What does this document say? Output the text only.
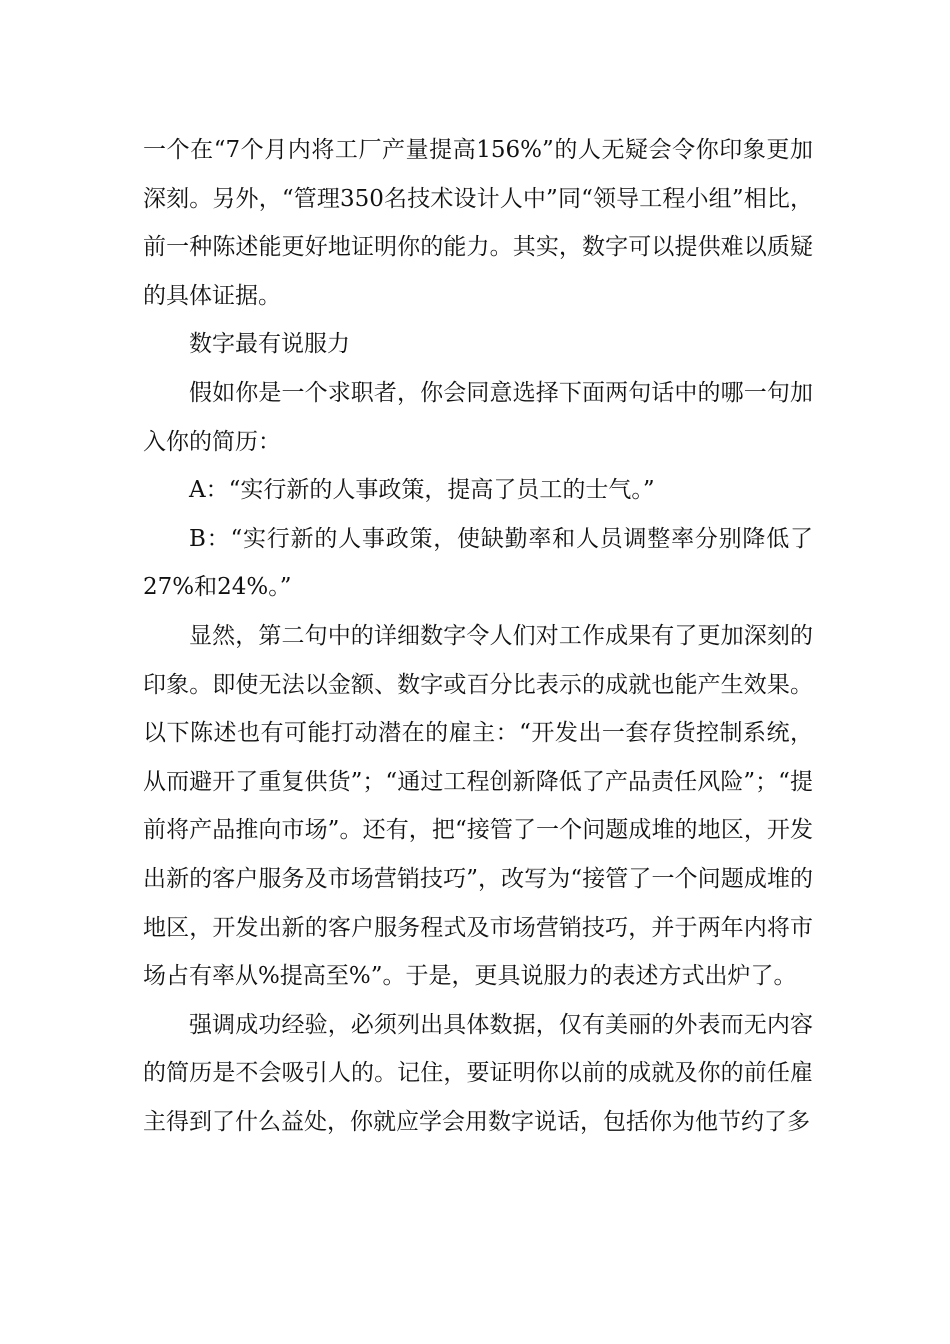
一个在“7个月内将工厂产量提高156%”的人无疑会令你印象更加深刻。另外，“管理350名技术设计人中”同“领导工程小组”相比，前一种陈述能更好地证明你的能力。其实，数字可以提供难以质疑的具体证据。

数字最有说服力

假如你是一个求职者，你会同意选择下面两句话中的哪一句加入你的简历：

A：“实行新的人事政策，提高了员工的士气。”

B：“实行新的人事政策，使缺勤率和人员调整率分别降低了27%和24%。”

显然，第二句中的详细数字令人们对工作成果有了更加深刻的印象。即使无法以金额、数字或百分比表示的成就也能产生效果。以下陈述也有可能打动潜在的雇主：“开发出一套存货控制系统，从而避开了重复供货”；“通过工程创新降低了产品责任风险”；“提前将产品推向市场”。还有，把“接管了一个问题成堆的地区，开发出新的客户服务及市场营销技巧”，改写为“接管了一个问题成堆的地区，开发出新的客户服务程式及市场营销技巧，并于两年内将市场占有率从%提高至%”。于是，更具说服力的表述方式出炉了。

强调成功经验，必须列出具体数据，仅有美丽的外表而无内容的简历是不会吸引人的。记住，要证明你以前的成就及你的前任雇主得到了什么益处，你就应学会用数字说话，包括你为他节约了多
